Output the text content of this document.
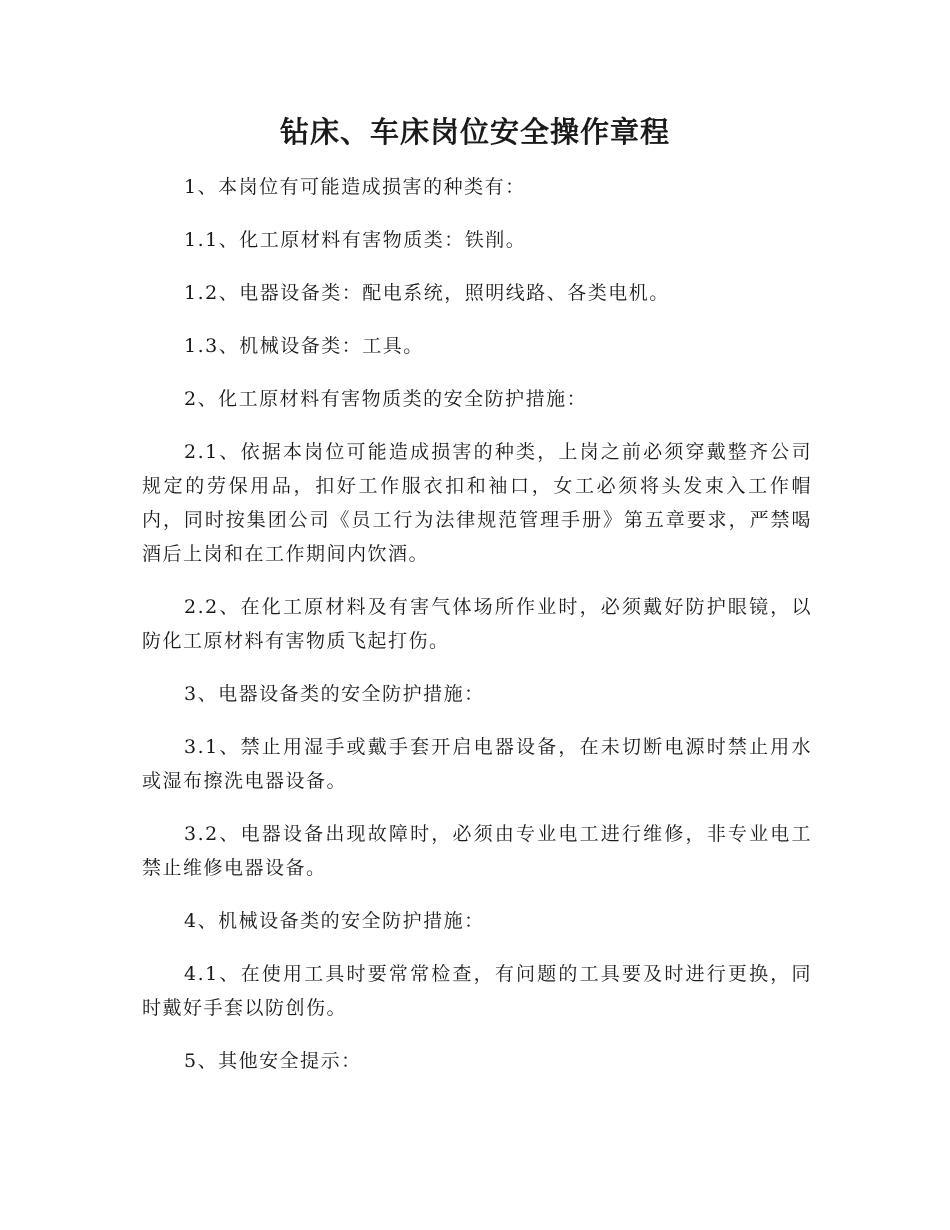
钻床、车床岗位安全操作章程

1、本岗位有可能造成损害的种类有：

1.1、化工原材料有害物质类：铁削。

1.2、电器设备类：配电系统，照明线路、各类电机。

1.3、机械设备类：工具。

2、化工原材料有害物质类的安全防护措施：

2.1、依据本岗位可能造成损害的种类，上岗之前必须穿戴整齐公司规定的劳保用品，扣好工作服衣扣和袖口，女工必须将头发束入工作帽内，同时按集团公司《员工行为法律规范管理手册》第五章要求，严禁喝酒后上岗和在工作期间内饮酒。

2.2、在化工原材料及有害气体场所作业时，必须戴好防护眼镜，以防化工原材料有害物质飞起打伤。

3、电器设备类的安全防护措施：

3.1、禁止用湿手或戴手套开启电器设备，在未切断电源时禁止用水或湿布擦洗电器设备。

3.2、电器设备出现故障时，必须由专业电工进行维修，非专业电工禁止维修电器设备。

4、机械设备类的安全防护措施：

4.1、在使用工具时要常常检查，有问题的工具要及时进行更换，同时戴好手套以防创伤。

5、其他安全提示：
